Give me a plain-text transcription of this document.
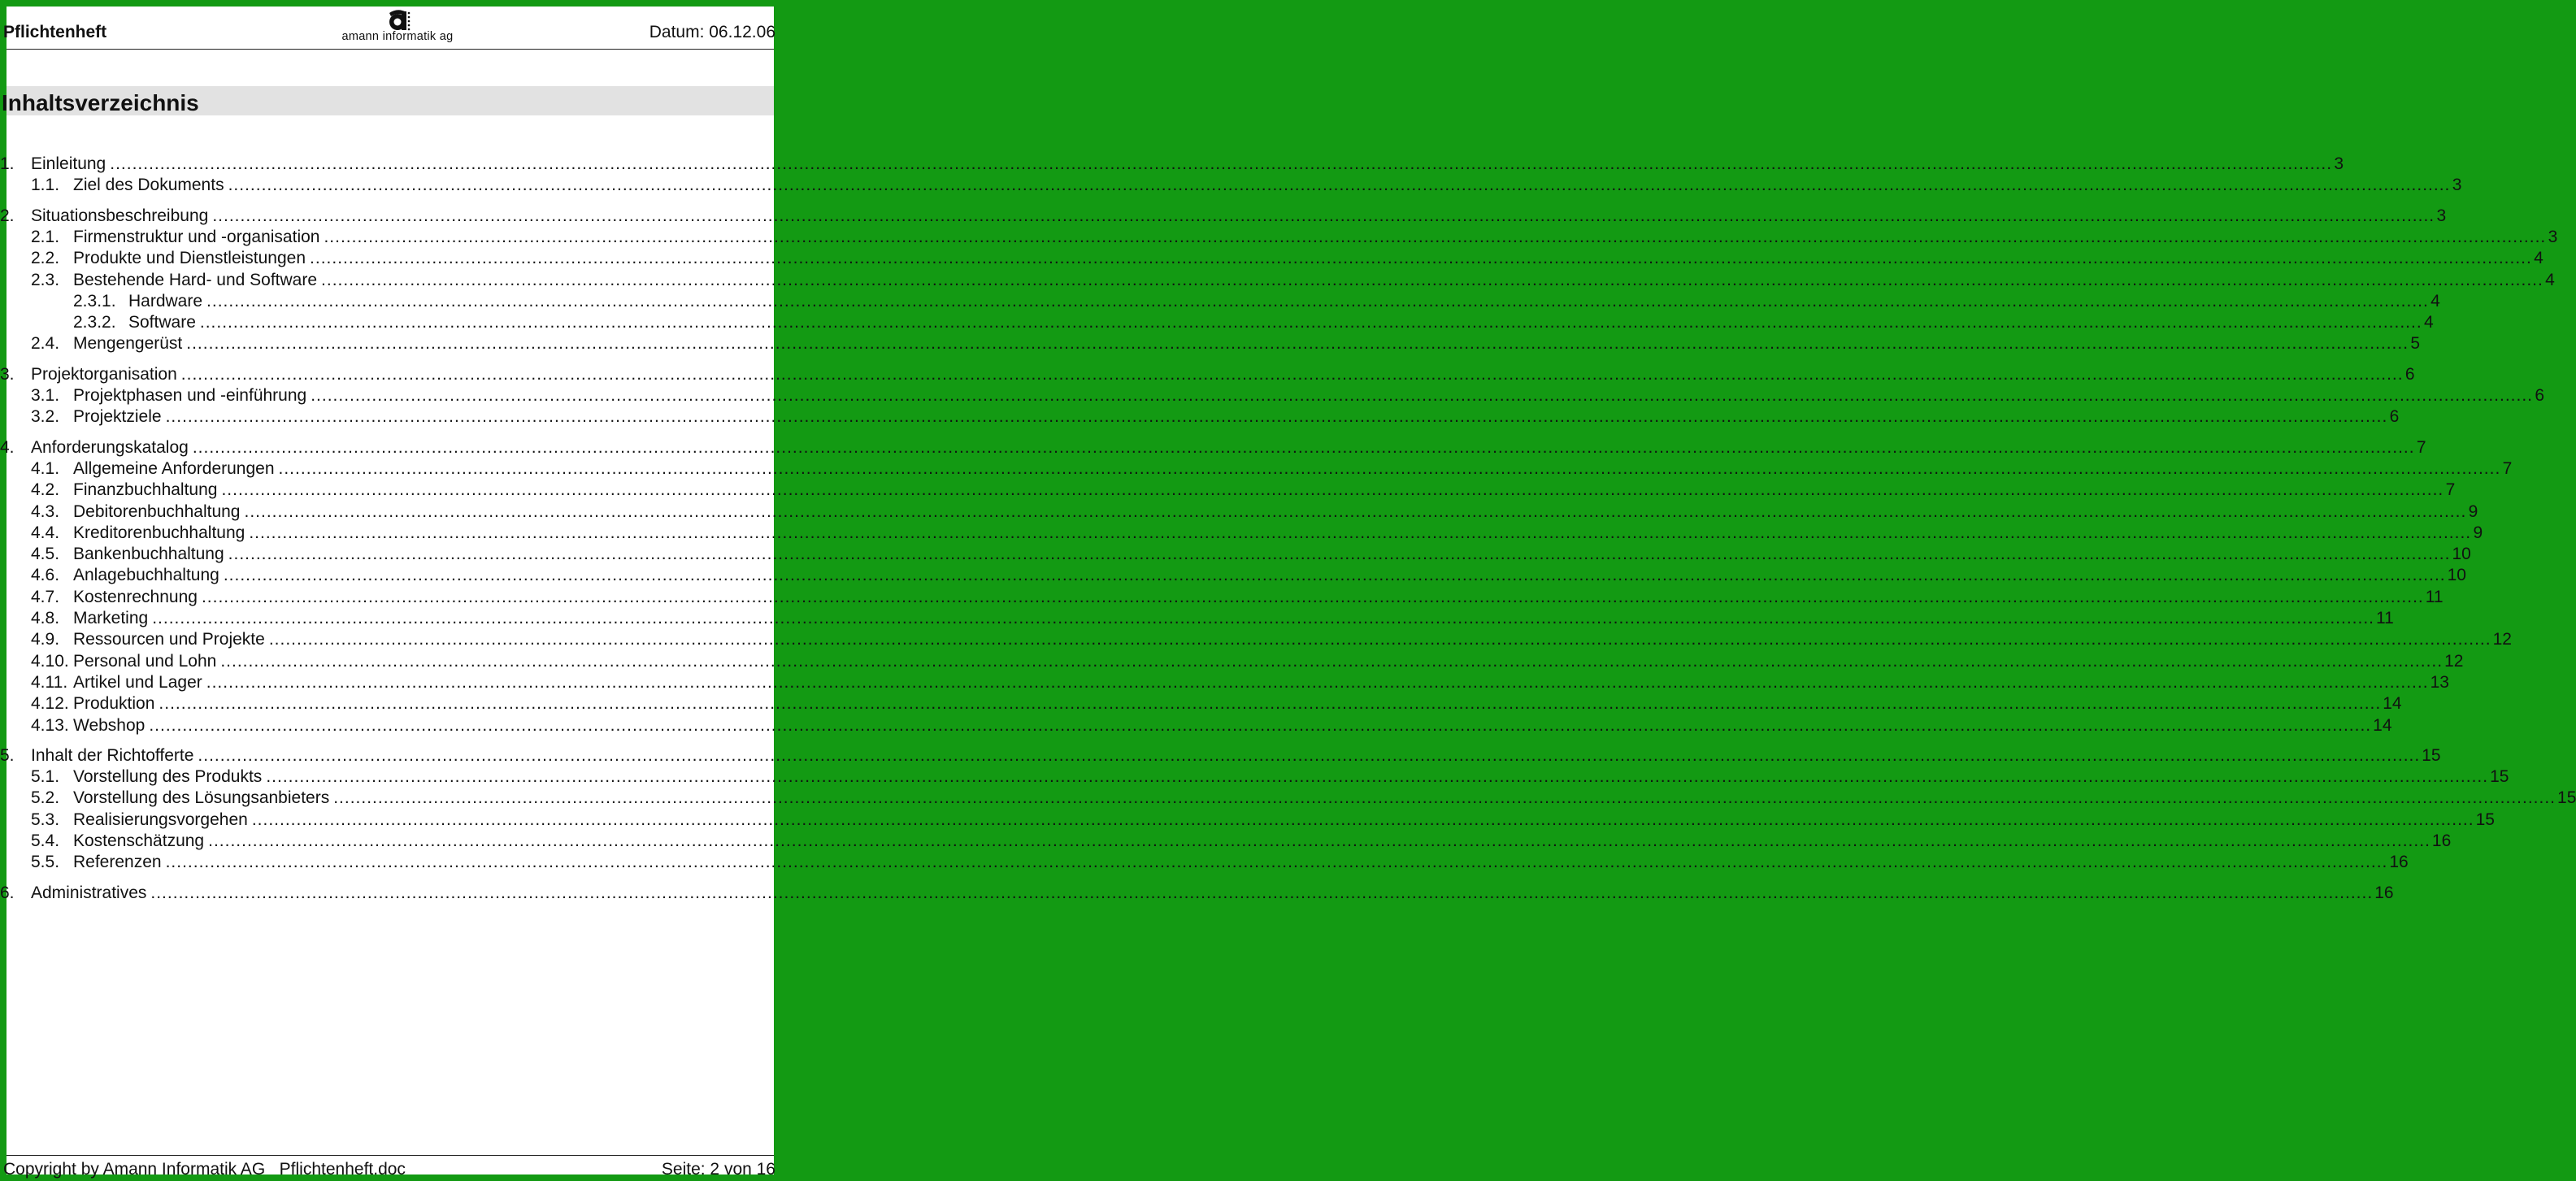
Pflichtenheft	amann informatik ag	Datum: 06.12.06
Inhaltsverzeichnis
1. Einleitung ................................................................................................................................................................................................................................................................................................................................................................................................................ 3
1.1. Ziel des Dokuments ................................................................................................................................................................................................................................................................................................................................................................................................................ 3
2. Situationsbeschreibung ................................................................................................................................................................................................................................................................................................................................................................................................................ 3
2.1. Firmenstruktur und -organisation ................................................................................................................................................................................................................................................................................................................................................................................................................ 3
2.2. Produkte und Dienstleistungen ................................................................................................................................................................................................................................................................................................................................................................................................................ 4
2.3. Bestehende Hard- und Software ................................................................................................................................................................................................................................................................................................................................................................................................................ 4
2.3.1. Hardware ................................................................................................................................................................................................................................................................................................................................................................................................................ 4
2.3.2. Software ................................................................................................................................................................................................................................................................................................................................................................................................................ 4
2.4. Mengengerüst ................................................................................................................................................................................................................................................................................................................................................................................................................ 5
3. Projektorganisation ................................................................................................................................................................................................................................................................................................................................................................................................................ 6
3.1. Projektphasen und -einführung ................................................................................................................................................................................................................................................................................................................................................................................................................ 6
3.2. Projektziele ................................................................................................................................................................................................................................................................................................................................................................................................................ 6
4. Anforderungskatalog ................................................................................................................................................................................................................................................................................................................................................................................................................ 7
4.1. Allgemeine Anforderungen ................................................................................................................................................................................................................................................................................................................................................................................................................ 7
4.2. Finanzbuchhaltung ................................................................................................................................................................................................................................................................................................................................................................................................................ 7
4.3. Debitorenbuchhaltung ................................................................................................................................................................................................................................................................................................................................................................................................................ 9
4.4. Kreditorenbuchhaltung ................................................................................................................................................................................................................................................................................................................................................................................................................ 9
4.5. Bankenbuchhaltung ................................................................................................................................................................................................................................................................................................................................................................................................................ 10
4.6. Anlagebuchhaltung ................................................................................................................................................................................................................................................................................................................................................................................................................ 10
4.7. Kostenrechnung ................................................................................................................................................................................................................................................................................................................................................................................................................ 11
4.8. Marketing ................................................................................................................................................................................................................................................................................................................................................................................................................ 11
4.9. Ressourcen und Projekte ................................................................................................................................................................................................................................................................................................................................................................................................................ 12
4.10. Personal und Lohn ................................................................................................................................................................................................................................................................................................................................................................................................................ 12
4.11. Artikel und Lager ................................................................................................................................................................................................................................................................................................................................................................................................................ 13
4.12. Produktion ................................................................................................................................................................................................................................................................................................................................................................................................................ 14
4.13. Webshop ................................................................................................................................................................................................................................................................................................................................................................................................................ 14
5. Inhalt der Richtofferte ................................................................................................................................................................................................................................................................................................................................................................................................................ 15
5.1. Vorstellung des Produkts ................................................................................................................................................................................................................................................................................................................................................................................................................ 15
5.2. Vorstellung des Lösungsanbieters ................................................................................................................................................................................................................................................................................................................................................................................................................ 15
5.3. Realisierungsvorgehen ................................................................................................................................................................................................................................................................................................................................................................................................................ 15
5.4. Kostenschätzung ................................................................................................................................................................................................................................................................................................................................................................................................................ 16
5.5. Referenzen ................................................................................................................................................................................................................................................................................................................................................................................................................ 16
6. Administratives ................................................................................................................................................................................................................................................................................................................................................................................................................ 16
Copyright by Amann Informatik AG Pflichtenheft.doc	Seite: 2 von 16
